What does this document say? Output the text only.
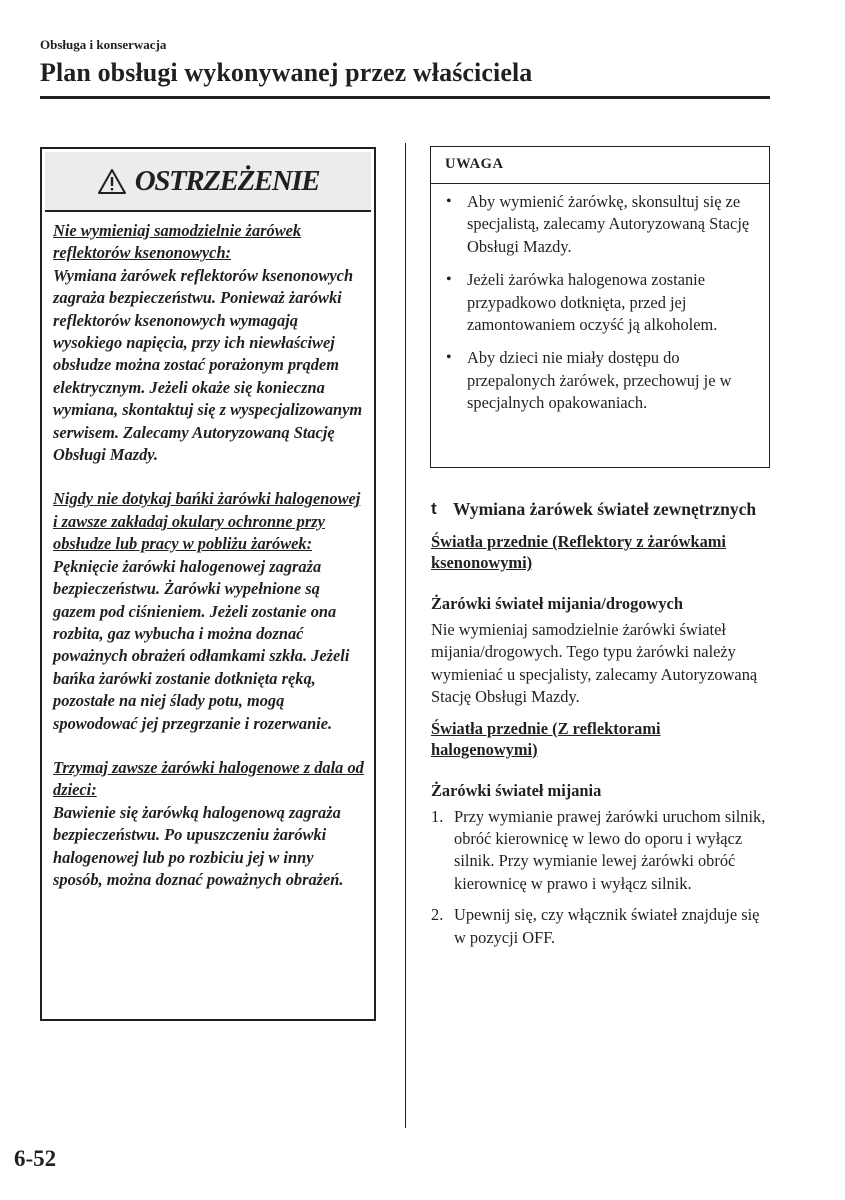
Obsługa i konserwacja
Plan obsługi wykonywanej przez właściciela
OSTRZEŻENIE

Nie wymieniaj samodzielnie żarówek reflektorów ksenonowych:
Wymiana żarówek reflektorów ksenonowych zagraża bezpieczeństwu. Ponieważ żarówki reflektorów ksenonowych wymagają wysokiego napięcia, przy ich niewłaściwej obsłudze można zostać porażonym prądem elektrycznym. Jeżeli okaże się konieczna wymiana, skontaktuj się z wyspecjalizowanym serwisem. Zalecamy Autoryzowaną Stację Obsługi Mazdy.

Nigdy nie dotykaj bańki żarówki halogenowej i zawsze zakładaj okulary ochronne przy obsłudze lub pracy w pobliżu żarówek:
Pęknięcie żarówki halogenowej zagraża bezpieczeństwu. Żarówki wypełnione są gazem pod ciśnieniem. Jeżeli zostanie ona rozbita, gaz wybucha i można doznać poważnych obrażeń odłamkami szkła. Jeżeli bańka żarówki zostanie dotknięta ręką, pozostałe na niej ślady potu, mogą spowodować jej przegrzanie i rozerwanie.

Trzymaj zawsze żarówki halogenowe z dala od dzieci:
Bawienie się żarówką halogenową zagraża bezpieczeństwu. Po upuszczeniu żarówki halogenowej lub po rozbiciu jej w inny sposób, można doznać poważnych obrażeń.

UWAGA
• Aby wymienić żarówkę, skonsultuj się ze specjalistą, zalecamy Autoryzowaną Stację Obsługi Mazdy.
• Jeżeli żarówka halogenowa zostanie przypadkowo dotknięta, przed jej zamontowaniem oczyść ją alkoholem.
• Aby dzieci nie miały dostępu do przepalonych żarówek, przechowuj je w specjalnych opakowaniach.
t Wymiana żarówek świateł zewnętrznych
Światła przednie (Reflektory z żarówkami ksenonowymi)
Żarówki świateł mijania/drogowych
Nie wymieniaj samodzielnie żarówki świateł mijania/drogowych. Tego typu żarówki należy wymieniać u specjalisty, zalecamy Autoryzowaną Stację Obsługi Mazdy.
Światła przednie (Z reflektorami halogenowymi)
Żarówki świateł mijania
1. Przy wymianie prawej żarówki uruchom silnik, obróć kierownicę w lewo do oporu i wyłącz silnik. Przy wymianie lewej żarówki obróć kierownicę w prawo i wyłącz silnik.
2. Upewnij się, czy włącznik świateł znajduje się w pozycji OFF.
6-52
